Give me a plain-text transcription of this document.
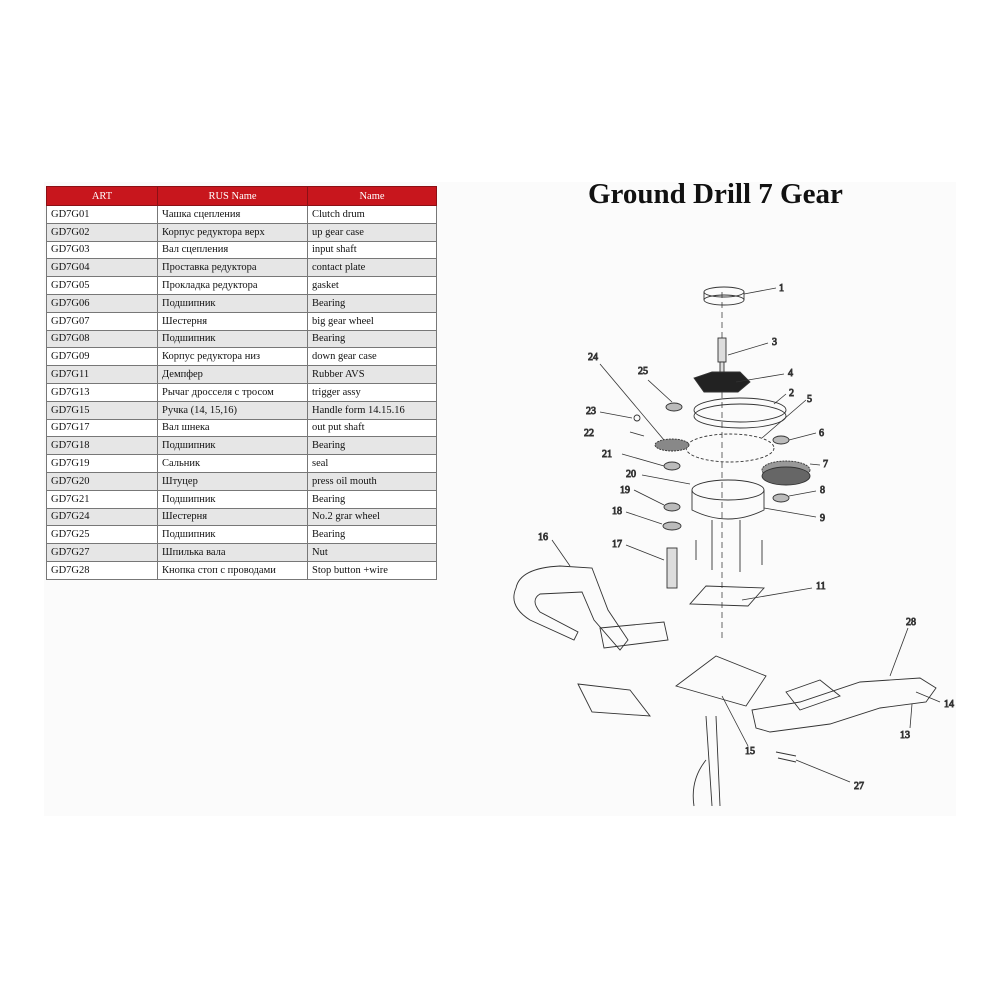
ART	RUS Name	Name
GD7G01	Чашка сцепления	Clutch drum
GD7G02	Корпус редуктора верх	up gear case
GD7G03	Вал сцепления	input shaft
GD7G04	Проставка редуктора	contact plate
GD7G05	Прокладка редуктора	gasket
GD7G06	Подшипник	Bearing
GD7G07	Шестерня	big gear wheel
GD7G08	Подшипник	Bearing
GD7G09	Корпус редуктора низ	down gear case
GD7G11	Демпфер	Rubber AVS
GD7G13	Рычаг дросселя с тросом	trigger assy
GD7G15	Ручка (14, 15,16)	Handle form 14.15.16
GD7G17	Вал шнека	out put shaft
GD7G18	Подшипник	Bearing
GD7G19	Сальник	seal
GD7G20	Штуцер	press oil mouth
GD7G21	Подшипник	Bearing
GD7G24	Шестерня	No.2 grar wheel
GD7G25	Подшипник	Bearing
GD7G27	Шпилька вала	Nut
GD7G28	Кнопка стоп с проводами	Stop button +wire
Ground Drill 7 Gear
1
3
4
2
5
6
7
8
9
25
24
23
22
21
20
19
18
17
16
11
28
14
13
15
27
